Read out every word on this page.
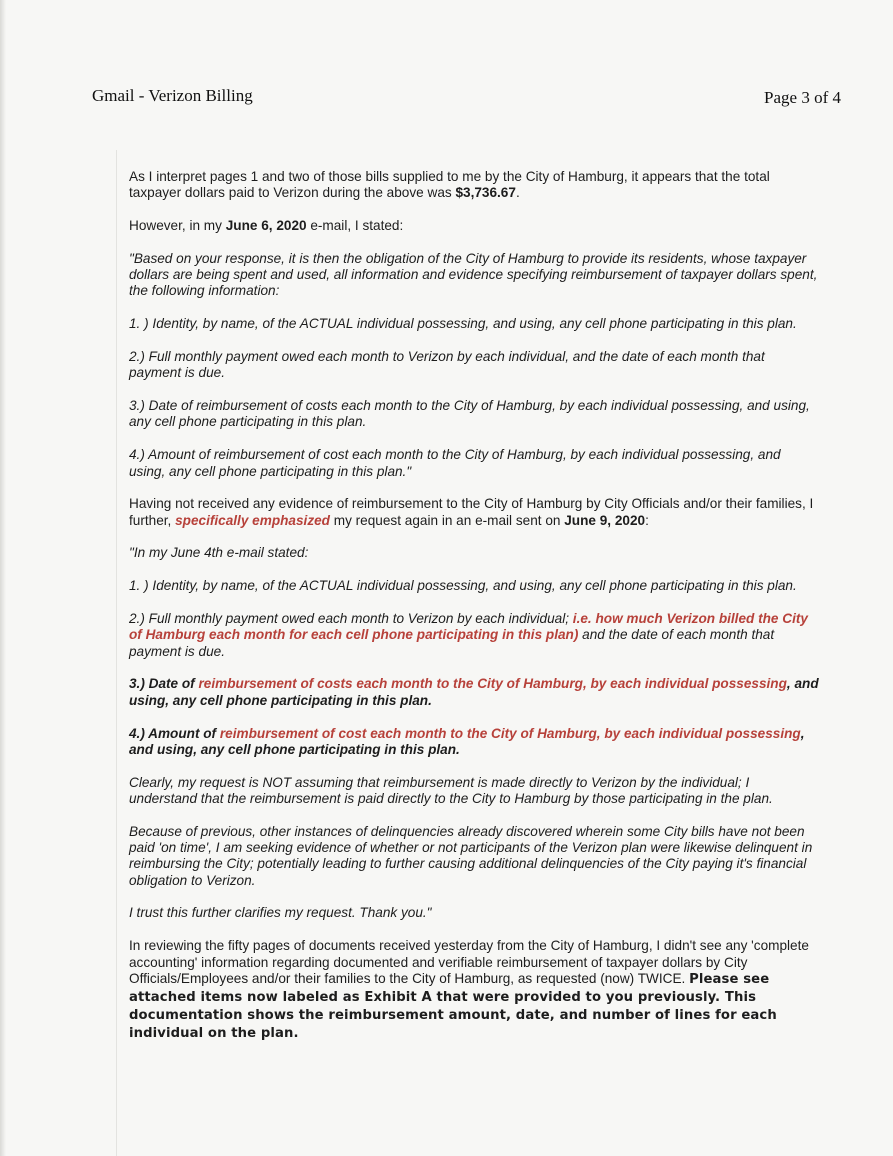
Gmail - Verizon Billing	Page 3 of 4

As I interpret pages 1 and two of those bills supplied to me by the City of Hamburg, it appears that the total taxpayer dollars paid to Verizon during the above was $3,736.67.

However, in my June 6, 2020 e-mail, I stated:

"Based on your response, it is then the obligation of the City of Hamburg to provide its residents, whose taxpayer dollars are being spent and used, all information and evidence specifying reimbursement of taxpayer dollars spent, the following information:

1. ) Identity, by name, of the ACTUAL individual possessing, and using, any cell phone participating in this plan.

2.) Full monthly payment owed each month to Verizon by each individual, and the date of each month that payment is due.

3.) Date of reimbursement of costs each month to the City of Hamburg, by each individual possessing, and using, any cell phone participating in this plan.

4.) Amount of reimbursement of cost each month to the City of Hamburg, by each individual possessing, and using, any cell phone participating in this plan."

Having not received any evidence of reimbursement to the City of Hamburg by City Officials and/or their families, I further, specifically emphasized my request again in an e-mail sent on June 9, 2020:

"In my June 4th e-mail stated:

1. ) Identity, by name, of the ACTUAL individual possessing, and using, any cell phone participating in this plan.

2.) Full monthly payment owed each month to Verizon by each individual; i.e. how much Verizon billed the City of Hamburg each month for each cell phone participating in this plan) and the date of each month that payment is due.

3.) Date of reimbursement of costs each month to the City of Hamburg, by each individual possessing, and using, any cell phone participating in this plan.

4.) Amount of reimbursement of cost each month to the City of Hamburg, by each individual possessing, and using, any cell phone participating in this plan.

Clearly, my request is NOT assuming that reimbursement is made directly to Verizon by the individual; I understand that the reimbursement is paid directly to the City to Hamburg by those participating in the plan.

Because of previous, other instances of delinquencies already discovered wherein some City bills have not been paid 'on time', I am seeking evidence of whether or not participants of the Verizon plan were likewise delinquent in reimbursing the City; potentially leading to further causing additional delinquencies of the City paying it's financial obligation to Verizon.

I trust this further clarifies my request. Thank you."

In reviewing the fifty pages of documents received yesterday from the City of Hamburg, I didn't see any 'complete accounting' information regarding documented and verifiable reimbursement of taxpayer dollars by City Officials/Employees and/or their families to the City of Hamburg, as requested (now) TWICE. Please see attached items now labeled as Exhibit A that were provided to you previously. This documentation shows the reimbursement amount, date, and number of lines for each individual on the plan.
